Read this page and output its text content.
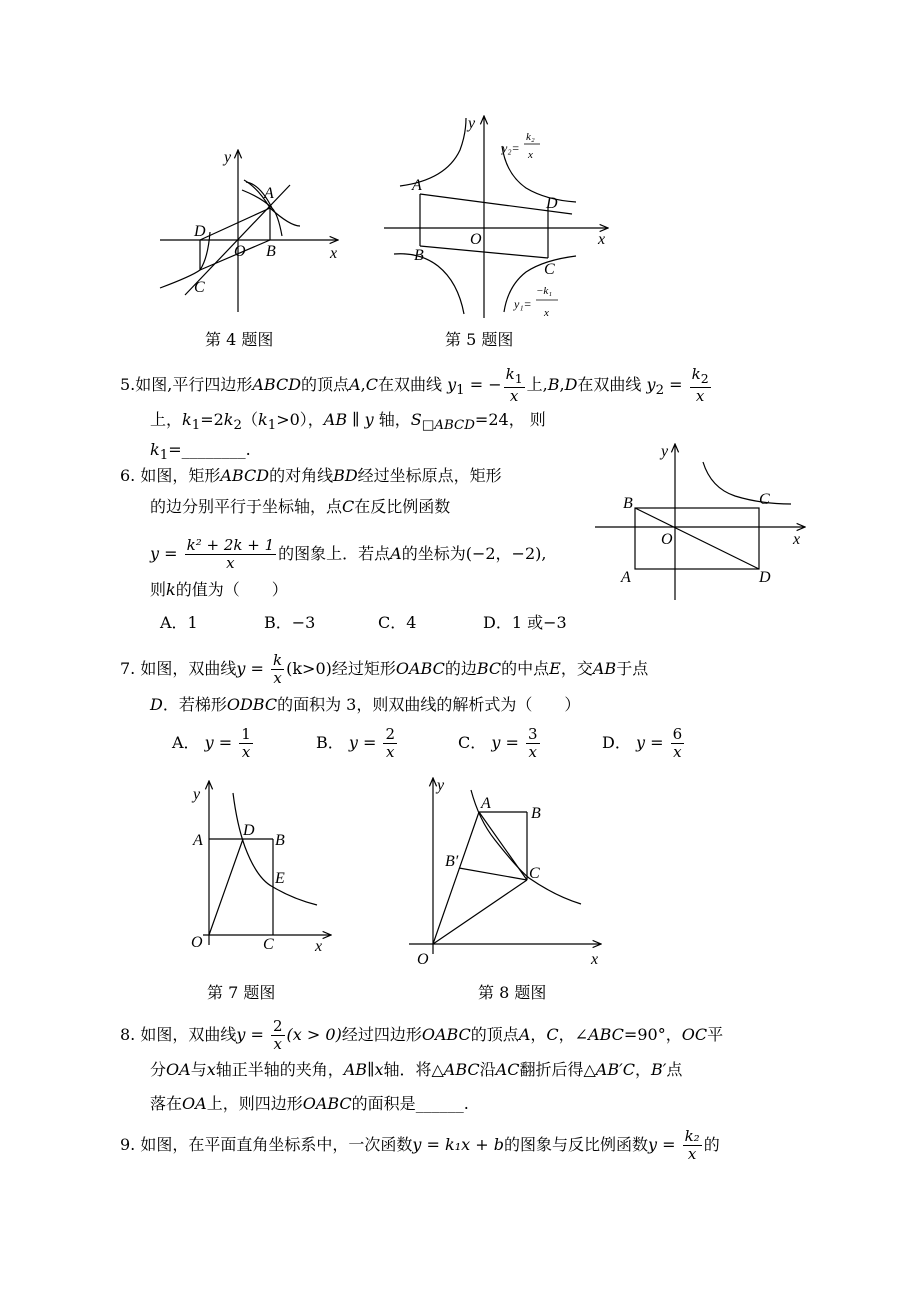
y
x
A
B
C
D
O
第 4 题图
y
x
A
B
C
D
O
y₂=
k₂
x
y₁=
−k₁
x
第 5 题图
5.如图,平行四边形ABCD的顶点A,C在双曲线 $y_1$ = − $\frac{k_1}{x}$ 上,B,D在双曲线 $y_2 = \frac{k_2}{x}$
上，$k_1=2k_2(k_1>0)$，AB ∥ y 轴，$S_{□ABCD}=24$， 则
$k_1=\_\_\_\_\_\_\_\_$.	y
x
A
B	C
D
O
6. 如图，矩形ABCD的对角线BD经过坐标原点，矩形
的边分别平行于坐标轴，点C在反比例函数
$y = \frac{\text{k² + 2k + 1}}{x}$ 的图象上．若点A的坐标为(−2，−2),
则k的值为（　　）
A．1	B．−3	C．4	D．1 或−3
7. 如图，双曲线$y = \frac{k}{x} (k>0)$经过矩形OABC的边BC的中点E，交AB于点
D．若梯形ODBC的面积为 3，则双曲线的解析式为（　　）
A． $y = \frac{1}{x}$	B． $y = \frac{2}{x}$	C． $y = \frac{3}{x}$	D． $y = \frac{6}{x}$
y
x
A	B
C
D
E
O
第 7 题图
y
x
A
B
B′
C
O
第 8 题图
8. 如图，双曲线$y = \frac{2}{x} (x > 0)$经过四边形OABC的顶点A，C，∠ABC=90°，OC平
分OA与x轴正半轴的夹角，AB∥x轴．将△ABC沿AC翻折后得△AB′C，B′点
落在OA上，则四边形OABC的面积是______.
9. 如图，在平面直角坐标系中，一次函数y = k₁x + b的图象与反比例函数$y = \frac{\text{k₂}}{x}$ 的
